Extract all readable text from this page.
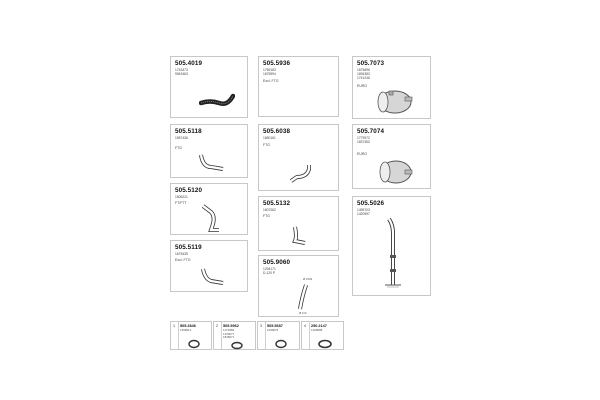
505.4019
1743373
9543463
505.5118
1557436
FTG
505.5120
1506221
FT/FTT
505.5119
1675435
Excl. FTG
505.5936
1759183
1675994
Excl. FTG
505.6038
1650161
FTG
505.5132
1607062
FTG
505.9060
1294171
D-120 P
Ø 1529
Ø 110
505.7073
1675696
1694383
1741246
EURO
505.7074
1779972
1837350
EURO
505.5026
1495703
1420997
1 505.2846
1396914
2 505.5962
1172883
1333077
1845071
3 505.5687
1099676
4 250.2147
1266898
